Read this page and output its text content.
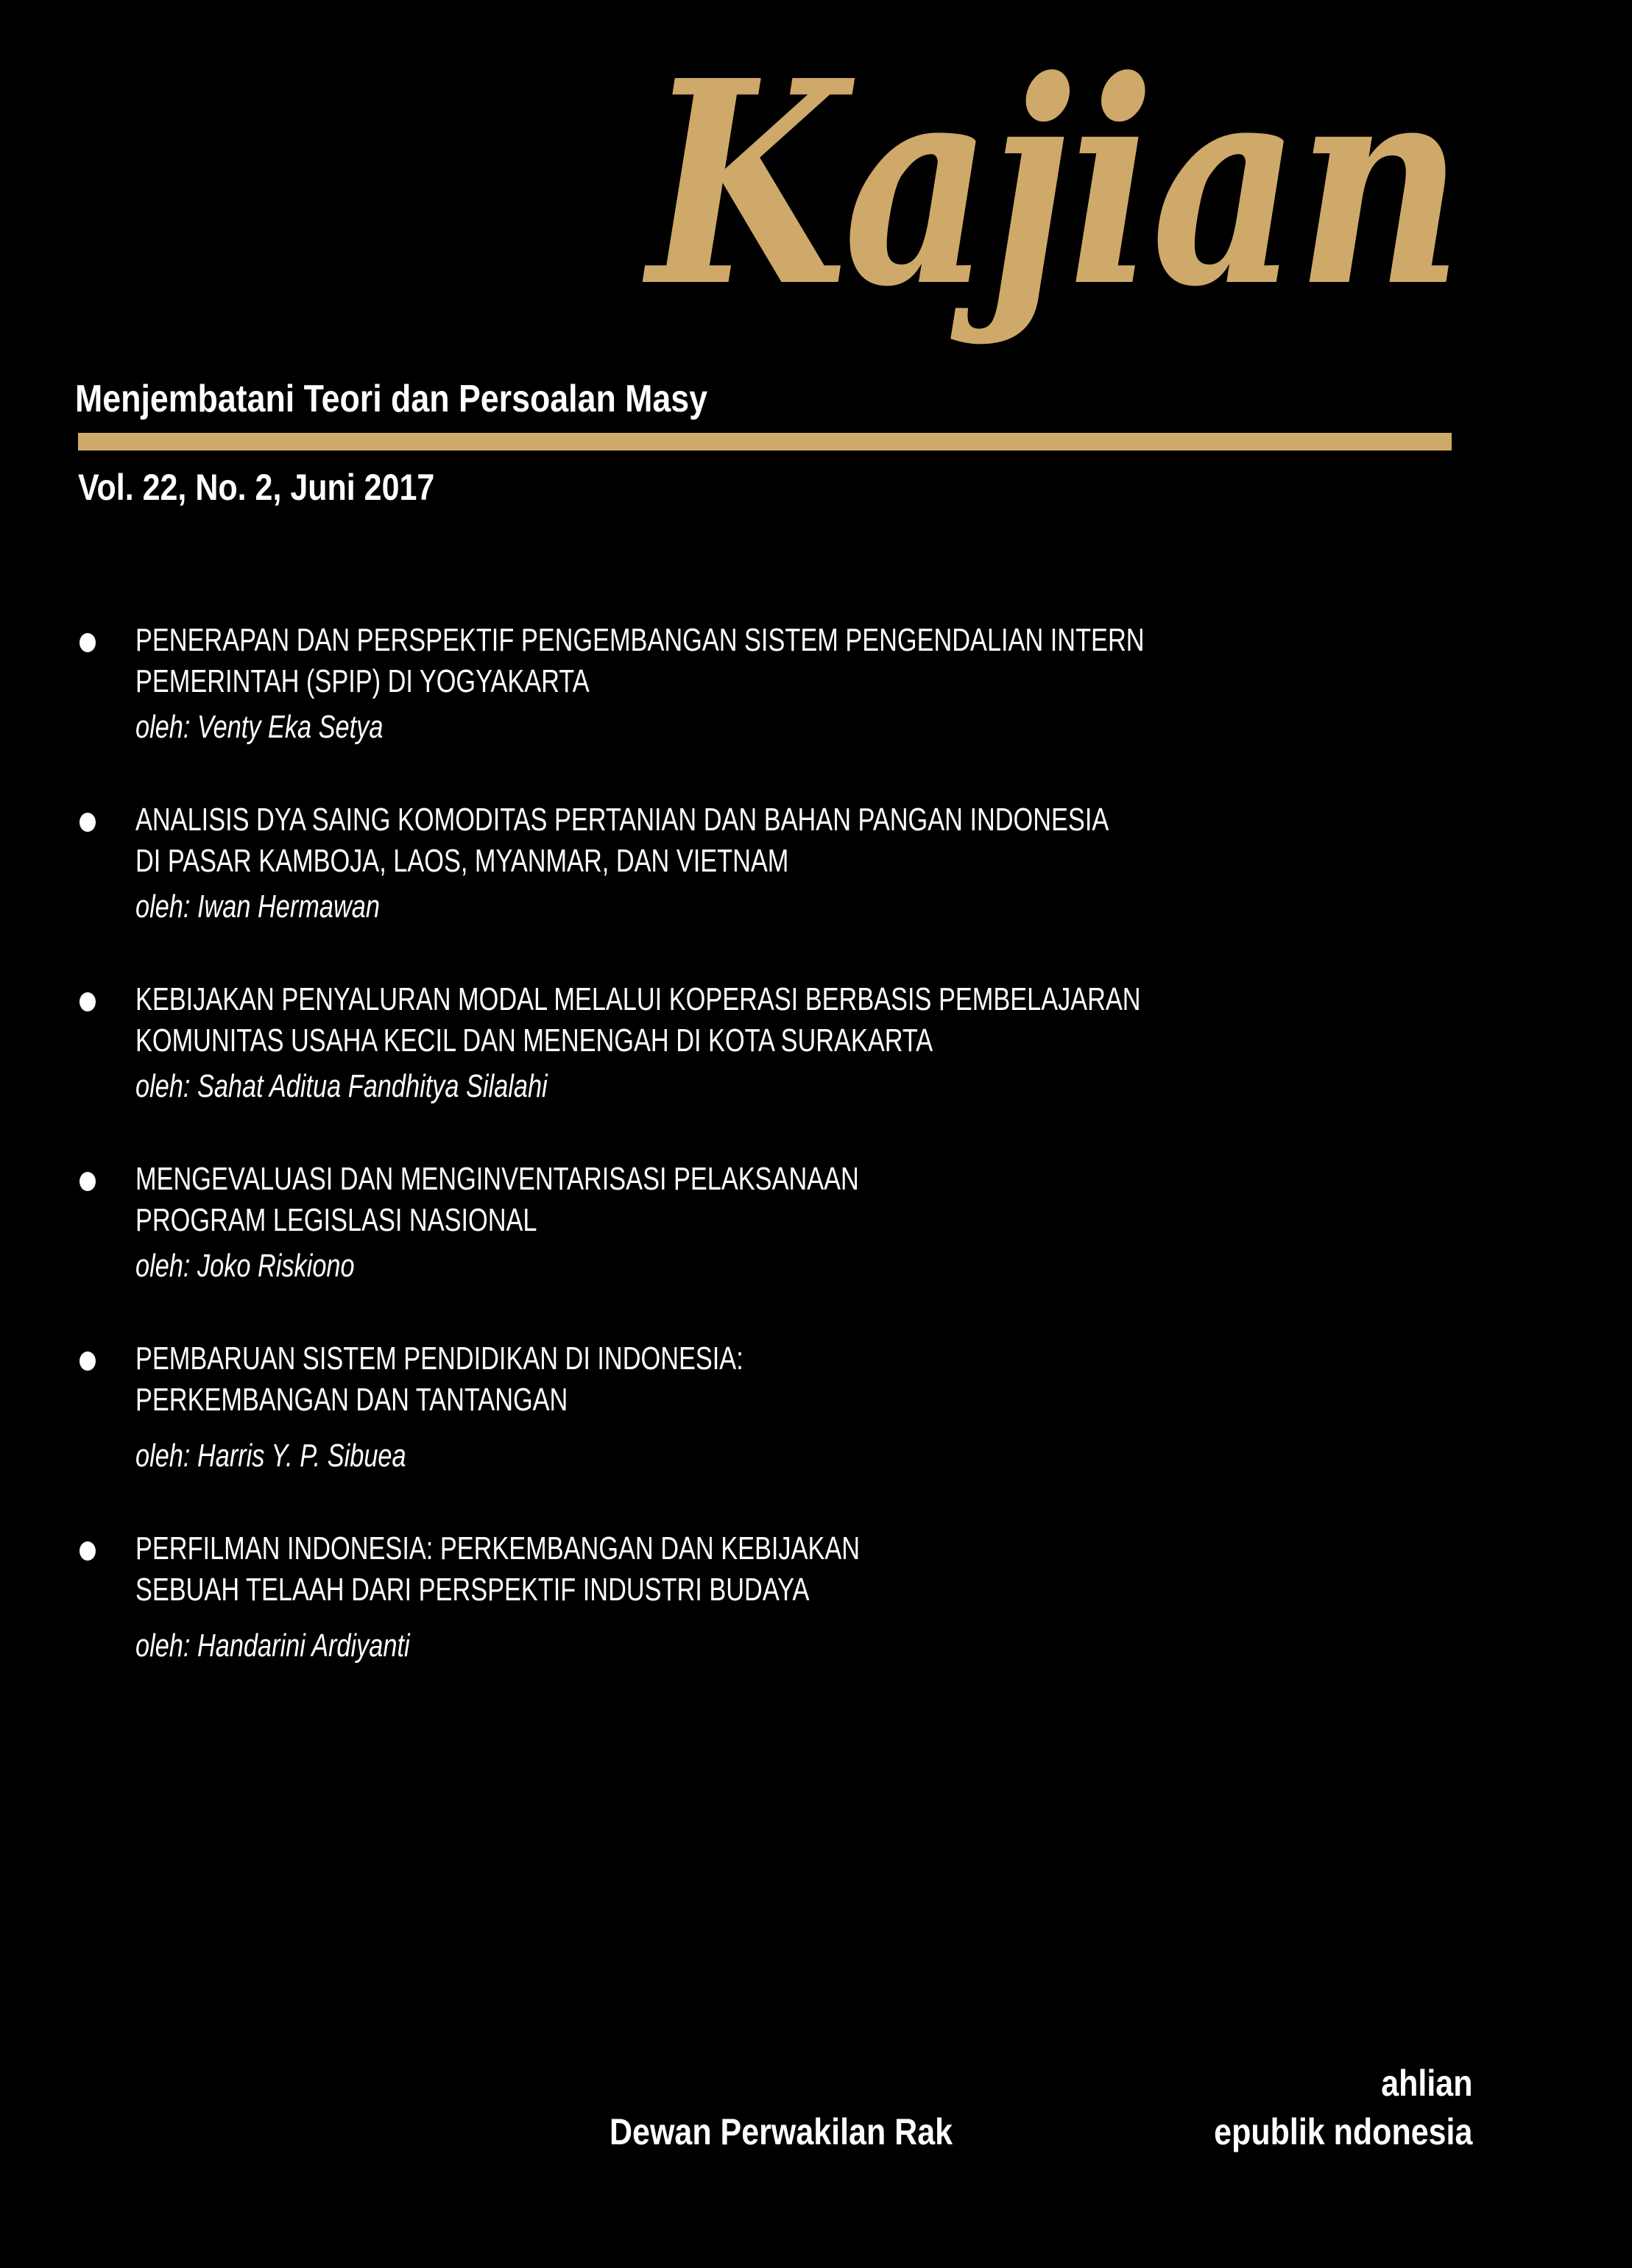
Kajian
Menjembatani Teori dan Persoalan Masy
Vol. 22, No. 2, Juni 2017
PENERAPAN DAN PERSPEKTIF PENGEMBANGAN SISTEM PENGENDALIAN INTERN
PEMERINTAH (SPIP) DI YOGYAKARTA
oleh: Venty Eka Setya
ANALISIS DYA SAING KOMODITAS PERTANIAN DAN BAHAN PANGAN INDONESIA
DI PASAR KAMBOJA, LAOS, MYANMAR, DAN VIETNAM
oleh: Iwan Hermawan
KEBIJAKAN PENYALURAN MODAL MELALUI KOPERASI BERBASIS PEMBELAJARAN
KOMUNITAS USAHA KECIL DAN MENENGAH DI KOTA SURAKARTA
oleh: Sahat Aditua Fandhitya Silalahi
MENGEVALUASI DAN MENGINVENTARISASI PELAKSANAAN
PROGRAM LEGISLASI NASIONAL
oleh: Joko Riskiono
PEMBARUAN SISTEM PENDIDIKAN DI INDONESIA:
PERKEMBANGAN DAN TANTANGAN
oleh: Harris Y. P. Sibuea
PERFILMAN INDONESIA: PERKEMBANGAN DAN KEBIJAKAN
SEBUAH TELAAH DARI PERSPEKTIF INDUSTRI BUDAYA
oleh: Handarini Ardiyanti
ahlian
Dewan Perwakilan Rak	epublik ndonesia
